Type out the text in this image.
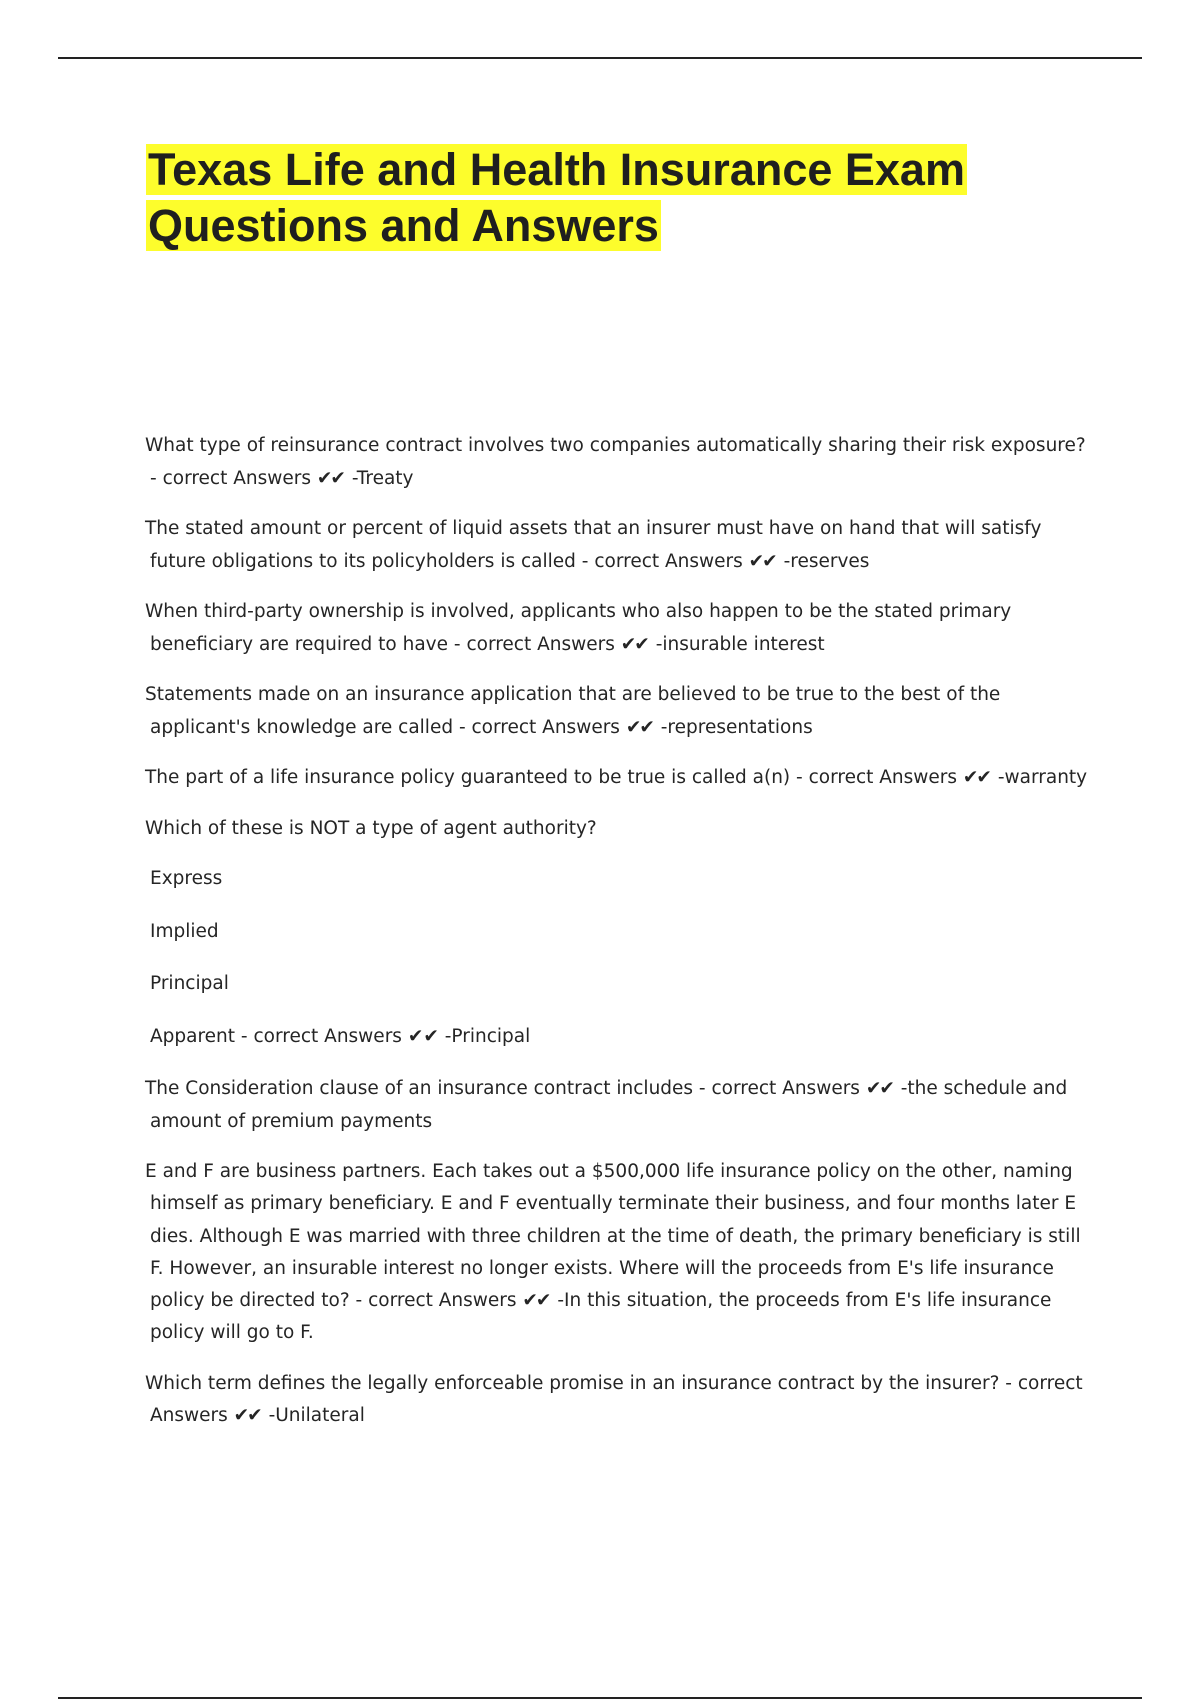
Texas Life and Health Insurance Exam Questions and Answers

What type of reinsurance contract involves two companies automatically sharing their risk exposure? - correct Answers ✔✔ -Treaty

The stated amount or percent of liquid assets that an insurer must have on hand that will satisfy future obligations to its policyholders is called - correct Answers ✔✔ -reserves

When third-party ownership is involved, applicants who also happen to be the stated primary beneficiary are required to have - correct Answers ✔✔ -insurable interest

Statements made on an insurance application that are believed to be true to the best of the applicant's knowledge are called - correct Answers ✔✔ -representations

The part of a life insurance policy guaranteed to be true is called a(n) - correct Answers ✔✔ -warranty

Which of these is NOT a type of agent authority?

Express

Implied

Principal

Apparent - correct Answers ✔✔ -Principal

The Consideration clause of an insurance contract includes - correct Answers ✔✔ -the schedule and amount of premium payments

E and F are business partners. Each takes out a $500,000 life insurance policy on the other, naming himself as primary beneficiary. E and F eventually terminate their business, and four months later E dies. Although E was married with three children at the time of death, the primary beneficiary is still F. However, an insurable interest no longer exists. Where will the proceeds from E's life insurance policy be directed to? - correct Answers ✔✔ -In this situation, the proceeds from E's life insurance policy will go to F.

Which term defines the legally enforceable promise in an insurance contract by the insurer? - correct Answers ✔✔ -Unilateral
